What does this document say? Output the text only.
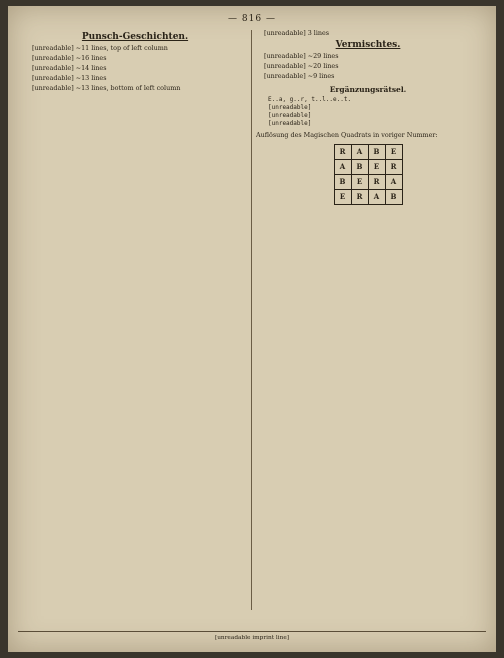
— 816 —
Punsch-Geschichten.

[unreadable] ~11 lines, top of left column

[unreadable] ~16 lines

[unreadable] ~14 lines

[unreadable] ~13 lines

[unreadable] ~13 lines, bottom of left column

[unreadable] 3 lines

Vermischtes.

[unreadable] ~29 lines

[unreadable] ~20 lines

[unreadable] ~9 lines

Ergänzungsrätsel.
E..a, g..r, t..l..e..t.
[unreadable]
[unreadable]
[unreadable]
Auflösung des Magischen Quadrats in voriger Nummer:
R	A	B	E
A	B	E	R
B	E	R	A
E	R	A	B
[unreadable imprint line]
